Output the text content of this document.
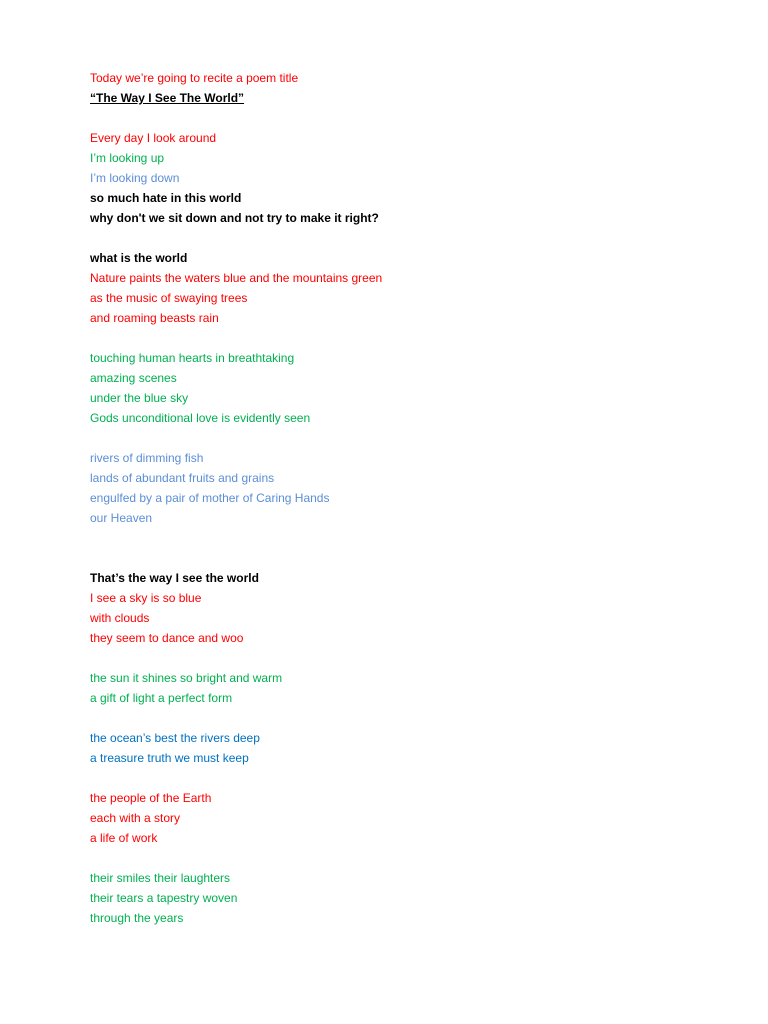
Today we’re going to recite a poem title
“The Way I See The World”
Every day I look around
I’m looking up
I’m looking down
so much hate in this world
why don't we sit down and not try to make it right?
what is the world
Nature paints the waters blue and the mountains green
as the music of swaying trees
and roaming beasts rain
touching human hearts in breathtaking
amazing scenes
under the blue sky
Gods unconditional love is evidently seen
rivers of dimming fish
lands of abundant fruits and grains
engulfed by a pair of mother of Caring Hands
our Heaven
That’s the way I see the world
I see a sky is so blue
with clouds
they seem to dance and woo
the sun it shines so bright and warm
a gift of light a perfect form
the ocean’s best the rivers deep
a treasure truth we must keep
the people of the Earth
each with a story
a life of work
their smiles their laughters
their tears a tapestry woven
through the years
